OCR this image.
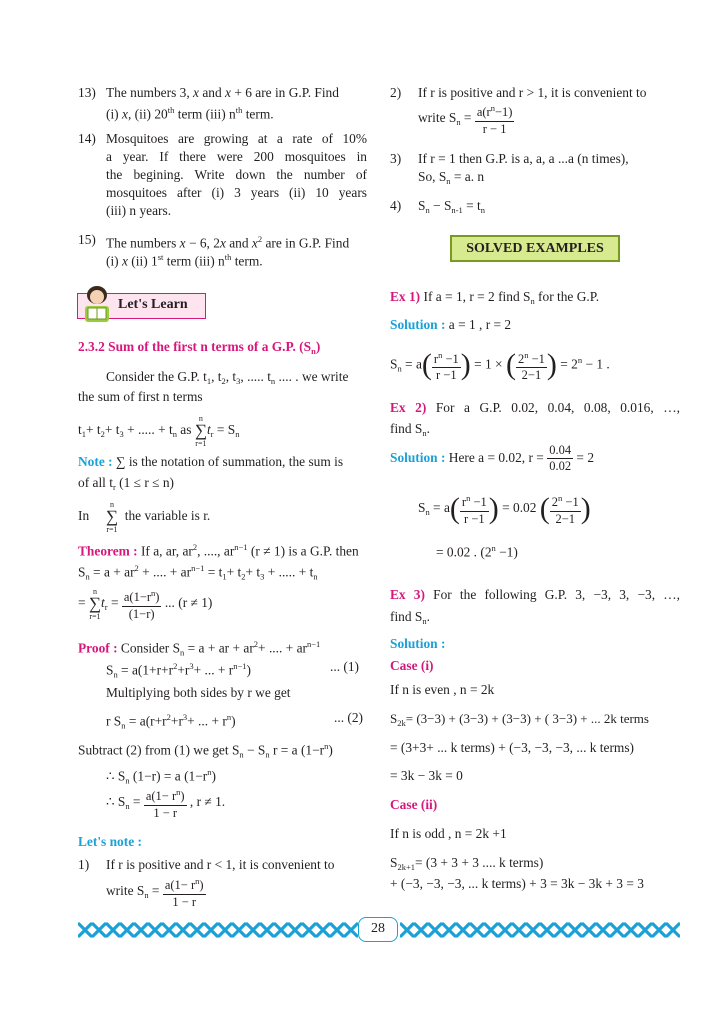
13) The numbers 3, x and x + 6 are in G.P. Find
(i) x, (ii) 20th term (iii) $n^{th}$ term.
14) Mosquitoes are growing at a rate of 10%
a year. If there were 200 mosquitoes in
the begining. Write down the number of
mosquitoes after (i) 3 years (ii) 10 years
(iii) n years.
15) The numbers x − 6, 2x and $x^2$ are in G.P. Find
(i) x (ii) 1st term (iii) $n^{th}$ term.
Let's Learn
2.3.2 Sum of the first n terms of a G.P. $(S_n)$
Consider the G.P. $t_1$, $t_2$, $t_3$, ..... $t_n$ .... . we write
the sum of first n terms
$t_1+ t_2+ t_3$ + ..... + $t_n$ as
n
∑
r=1
$t_r = S_n$
Note : ∑ is the notation of summation, the sum is
of all $t_r$ (1 ≤ r ≤ n)
In
n
∑
r=1
the variable is r.
Theorem : If a, ar, $ar^2$, ...., $ar^{n-1}$ (r ≠ 1) is a G.P. then
$S_n = a + ar^2$ + .... + $ar^{n-1} = t_1+ t_2+ t_3$ + ..... + $t_n$
=
n
∑
r=1
$t_r = \frac{a(1-r^n)}{(1-r)}$ ... (r ≠ 1)
Proof : Consider $S_n = a$ + ar + $ar^2+$ .... + $ar^{n-1}$
$S_n = a(1+r+r^2+r^3+$ ... + $r^{n-1}$)	... (1)
Multiplying both sides by r we get
r $S_n = a(r+r^2+r^3+$ ... + $r^n$)	... (2)
Subtract (2) from (1) we get $S_n - S_n$ r = a $(1-r^n)$
∴ $S_n$ (1−r) = a $(1-r^n)$
∴ $S_n = \frac{a(1- r^n)}{1 - r}$ , r ≠ 1.
Let's note :
1) If r is positive and r < 1, it is convenient to
write $S_n = \frac{a(1- r^n)}{1 - r}$
2) If r is positive and r > 1, it is convenient to
write $S_n = \frac{a(r^n-1)}{r - 1}$
3) If r = 1 then G.P. is a, a, a ...a (n times),
So, $S_n = a$. n
4) $S_n - S_{n-1} = t_n$
SOLVED EXAMPLES
Ex 1) If a = 1, r = 2 find $S_n$ for the G.P.
Solution : a = 1 , r = 2
$S_n = a( \frac{r^n -1}{r -1}$ ) = 1 × ( $\frac{2^n -1}{2-1}$ ) = $2^n - 1$ .
Ex 2) For a G.P. 0.02, 0.04, 0.08, 0.016, …,
find $S_n$.
Solution : Here a = 0.02, $r = \frac{0.04}{0.02} = 2$
$S_n = a( \frac{r^n -1}{r -1}$ ) = 0.02 ( $\frac{2^n -1}{2-1}$ )
= 0.02 . $(2^n -1)$
Ex 3) For the following G.P. 3, −3, 3, −3, …,
find $S_n$.
Solution :
Case (i)
If n is even , n = 2k
$S_{2k}= (3-3) + (3-3) + (3-3)$ + ( 3−3) + ... 2k terms
= (3+3+ ... k terms) + (−3, −3, −3, ... k terms)
= 3k − 3k = 0
Case (ii)
If n is odd , n = 2k +1
$S_{2k+1}= (3 + 3 + 3$ .... k terms)
+ (−3, −3, −3, ... k terms) + 3 = 3k − 3k + 3 = 3
28
